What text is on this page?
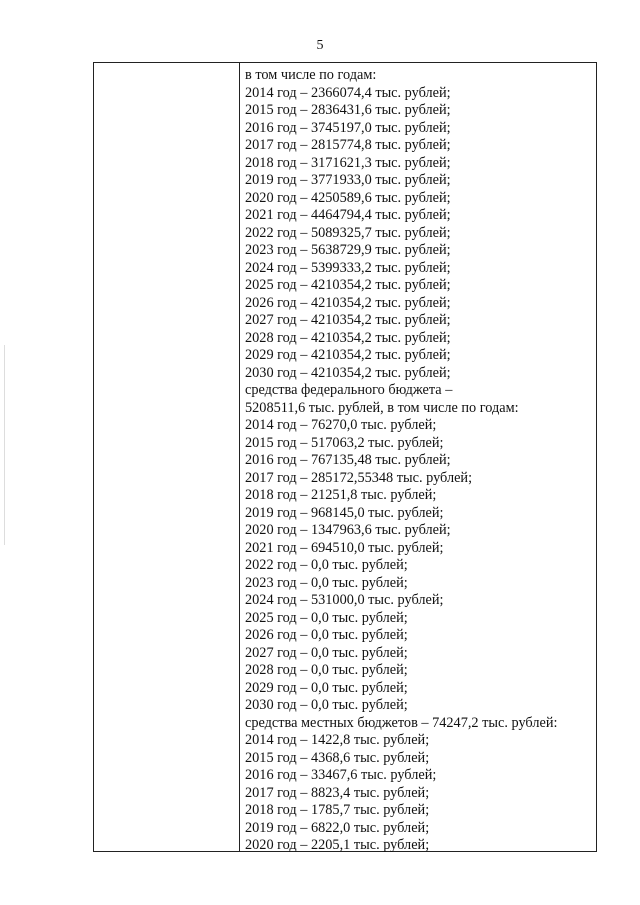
5
в том числе по годам:
2014 год – 2366074,4 тыс. рублей;
2015 год – 2836431,6 тыс. рублей;
2016 год – 3745197,0 тыс. рублей;
2017 год – 2815774,8 тыс. рублей;
2018 год – 3171621,3 тыс. рублей;
2019 год – 3771933,0 тыс. рублей;
2020 год – 4250589,6 тыс. рублей;
2021 год – 4464794,4 тыс. рублей;
2022 год – 5089325,7 тыс. рублей;
2023 год – 5638729,9 тыс. рублей;
2024 год – 5399333,2 тыс. рублей;
2025 год – 4210354,2 тыс. рублей;
2026 год – 4210354,2 тыс. рублей;
2027 год – 4210354,2 тыс. рублей;
2028 год – 4210354,2 тыс. рублей;
2029 год – 4210354,2 тыс. рублей;
2030 год – 4210354,2 тыс. рублей;
средства федерального бюджета –
5208511,6 тыс. рублей, в том числе по годам:
2014 год – 76270,0 тыс. рублей;
2015 год – 517063,2 тыс. рублей;
2016 год – 767135,48 тыс. рублей;
2017 год – 285172,55348 тыс. рублей;
2018 год – 21251,8 тыс. рублей;
2019 год – 968145,0 тыс. рублей;
2020 год – 1347963,6 тыс. рублей;
2021 год – 694510,0 тыс. рублей;
2022 год – 0,0 тыс. рублей;
2023 год – 0,0 тыс. рублей;
2024 год – 531000,0 тыс. рублей;
2025 год – 0,0 тыс. рублей;
2026 год – 0,0 тыс. рублей;
2027 год – 0,0 тыс. рублей;
2028 год – 0,0 тыс. рублей;
2029 год – 0,0 тыс. рублей;
2030 год – 0,0 тыс. рублей;
средства местных бюджетов – 74247,2 тыс. рублей:
2014 год – 1422,8 тыс. рублей;
2015 год – 4368,6 тыс. рублей;
2016 год – 33467,6 тыс. рублей;
2017 год – 8823,4 тыс. рублей;
2018 год – 1785,7 тыс. рублей;
2019 год – 6822,0 тыс. рублей;
2020 год – 2205,1 тыс. рублей;
